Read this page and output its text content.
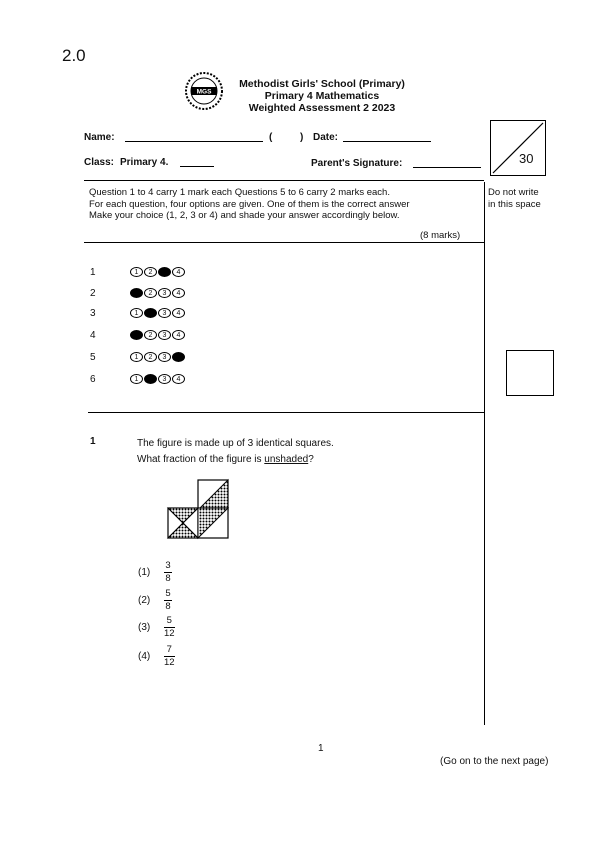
2.0
MGS
Methodist Girls' School (Primary)
Primary 4 Mathematics
Weighted Assessment 2 2023
Name:	(	) Date:
Class: Primary 4.	Parent's Signature:	30
Question 1 to 4 carry 1 mark each Questions 5 to 6 carry 2 marks each.
For each question, four options are given. One of them is the correct answer
Make your choice (1, 2, 3 or 4) and shade your answer accordingly below.
(8 marks)
Do not write
in this space
1	1	2	3	4
2	1	2	3	4
3	1	2	3	4
4	1	2	3	4
5	1	2	3	4
6	1	2	3	4
1	The figure is made up of 3 identical squares.
What fraction of the figure is unshaded?
(1)	$\frac{3}{8}$
(2)	$\frac{5}{8}$
(3)	$\frac{5}{12}$
(4)	$\frac{7}{12}$
1
(Go on to the next page)
